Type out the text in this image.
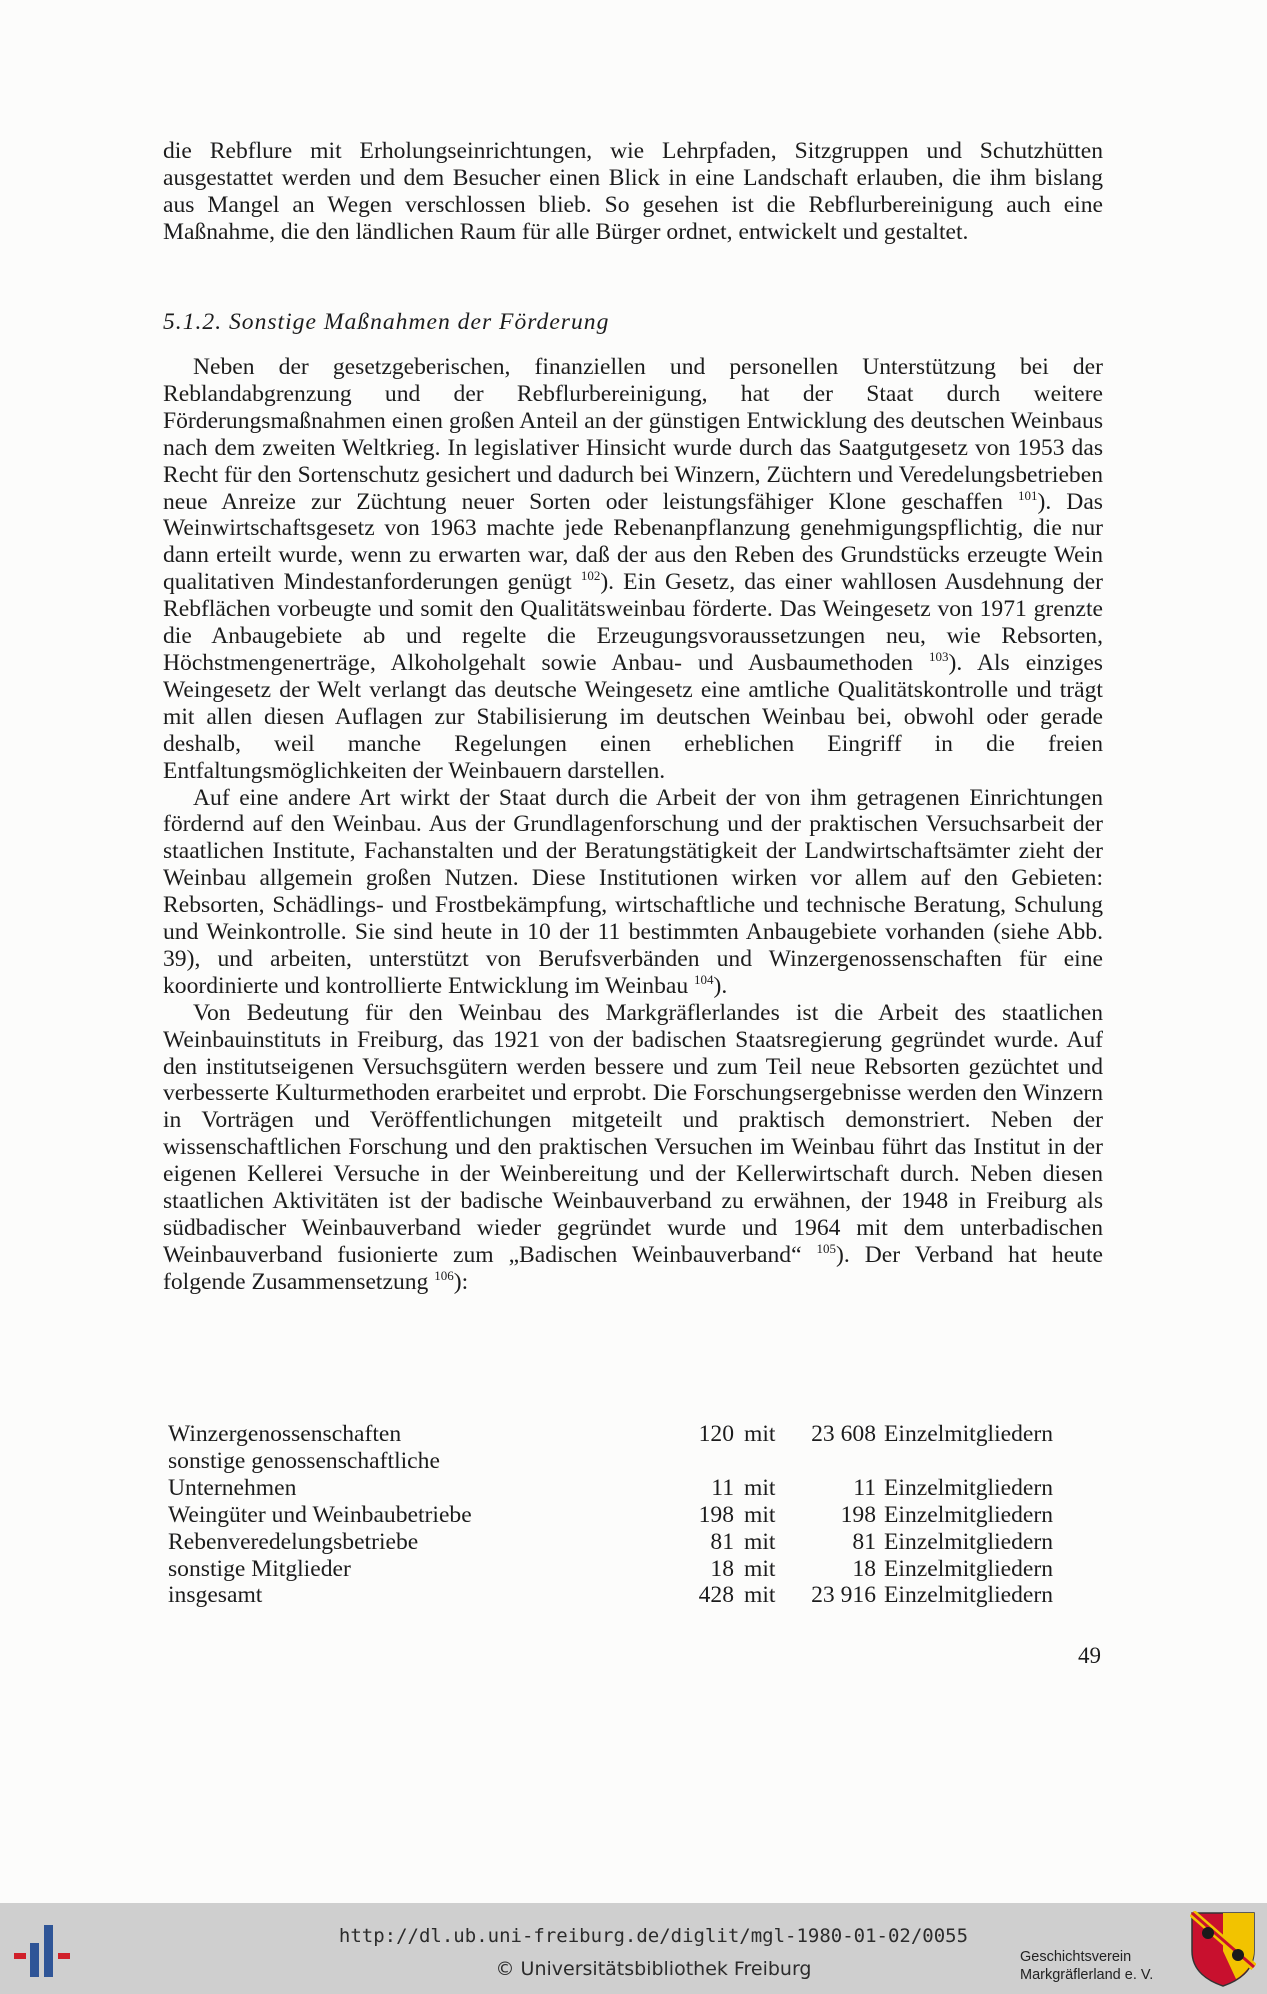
die Rebflure mit Erholungseinrichtungen, wie Lehrpfaden, Sitzgruppen und Schutzhütten ausgestattet werden und dem Besucher einen Blick in eine Landschaft erlauben, die ihm bislang aus Mangel an Wegen verschlossen blieb. So gesehen ist die Rebflurbereinigung auch eine Maßnahme, die den ländlichen Raum für alle Bürger ordnet, entwickelt und gestaltet.

5.1.2. Sonstige Maßnahmen der Förderung

Neben der gesetzgeberischen, finanziellen und personellen Unterstützung bei der Reblandabgrenzung und der Rebflurbereinigung, hat der Staat durch weitere Förderungsmaßnahmen einen großen Anteil an der günstigen Entwicklung des deutschen Weinbaus nach dem zweiten Weltkrieg. In legislativer Hinsicht wurde durch das Saatgutgesetz von 1953 das Recht für den Sortenschutz gesichert und dadurch bei Winzern, Züchtern und Veredelungsbetrieben neue Anreize zur Züchtung neuer Sorten oder leistungsfähiger Klone geschaffen $^{101}$). Das Weinwirtschaftsgesetz von 1963 machte jede Rebenanpflanzung genehmigungspflichtig, die nur dann erteilt wurde, wenn zu erwarten war, daß der aus den Reben des Grundstücks erzeugte Wein qualitativen Mindestanforderungen genügt $^{102}$). Ein Gesetz, das einer wahllosen Ausdehnung der Rebflächen vorbeugte und somit den Qualitätsweinbau förderte. Das Weingesetz von 1971 grenzte die Anbaugebiete ab und regelte die Erzeugungsvoraussetzungen neu, wie Rebsorten, Höchstmengenerträge, Alkoholgehalt sowie Anbau- und Ausbaumethoden $^{103}$). Als einziges Weingesetz der Welt verlangt das deutsche Weingesetz eine amtliche Qualitätskontrolle und trägt mit allen diesen Auflagen zur Stabilisierung im deutschen Weinbau bei, obwohl oder gerade deshalb, weil manche Regelungen einen erheblichen Eingriff in die freien Entfaltungsmöglichkeiten der Weinbauern darstellen.

Auf eine andere Art wirkt der Staat durch die Arbeit der von ihm getragenen Einrichtungen fördernd auf den Weinbau. Aus der Grundlagenforschung und der praktischen Versuchsarbeit der staatlichen Institute, Fachanstalten und der Beratungstätigkeit der Landwirtschaftsämter zieht der Weinbau allgemein großen Nutzen. Diese Institutionen wirken vor allem auf den Gebieten: Rebsorten, Schädlings- und Frostbekämpfung, wirtschaftliche und technische Beratung, Schulung und Weinkontrolle. Sie sind heute in 10 der 11 bestimmten Anbaugebiete vorhanden (siehe Abb. 39), und arbeiten, unterstützt von Berufsverbänden und Winzergenossenschaften für eine koordinierte und kontrollierte Entwicklung im Weinbau $^{104}$).

Von Bedeutung für den Weinbau des Markgräflerlandes ist die Arbeit des staatlichen Weinbauinstituts in Freiburg, das 1921 von der badischen Staatsregierung gegründet wurde. Auf den institutseigenen Versuchsgütern werden bessere und zum Teil neue Rebsorten gezüchtet und verbesserte Kulturmethoden erarbeitet und erprobt. Die Forschungsergebnisse werden den Winzern in Vorträgen und Veröffentlichungen mitgeteilt und praktisch demonstriert. Neben der wissenschaftlichen Forschung und den praktischen Versuchen im Weinbau führt das Institut in der eigenen Kellerei Versuche in der Weinbereitung und der Kellerwirtschaft durch. Neben diesen staatlichen Aktivitäten ist der badische Weinbauverband zu erwähnen, der 1948 in Freiburg als südbadischer Weinbauverband wieder gegründet wurde und 1964 mit dem unterbadischen Weinbauverband fusionierte zum „Badischen Weinbauverband“ $^{105}$). Der Verband hat heute folgende Zusammensetzung $^{106}$):

Winzergenossenschaften	120	mit	23 608	Einzelmitgliedern
sonstige genossenschaftliche				
Unternehmen	11	mit	11	Einzelmitgliedern
Weingüter und Weinbaubetriebe	198	mit	198	Einzelmitgliedern
Rebenveredelungsbetriebe	81	mit	81	Einzelmitgliedern
sonstige Mitglieder	18	mit	18	Einzelmitgliedern
insgesamt	428	mit	23 916	Einzelmitgliedern
49
http://dl.ub.uni-freiburg.de/diglit/mgl-1980-01-02/0055
© Universitätsbibliothek Freiburg
Geschichtsverein
Markgräflerland e. V.
